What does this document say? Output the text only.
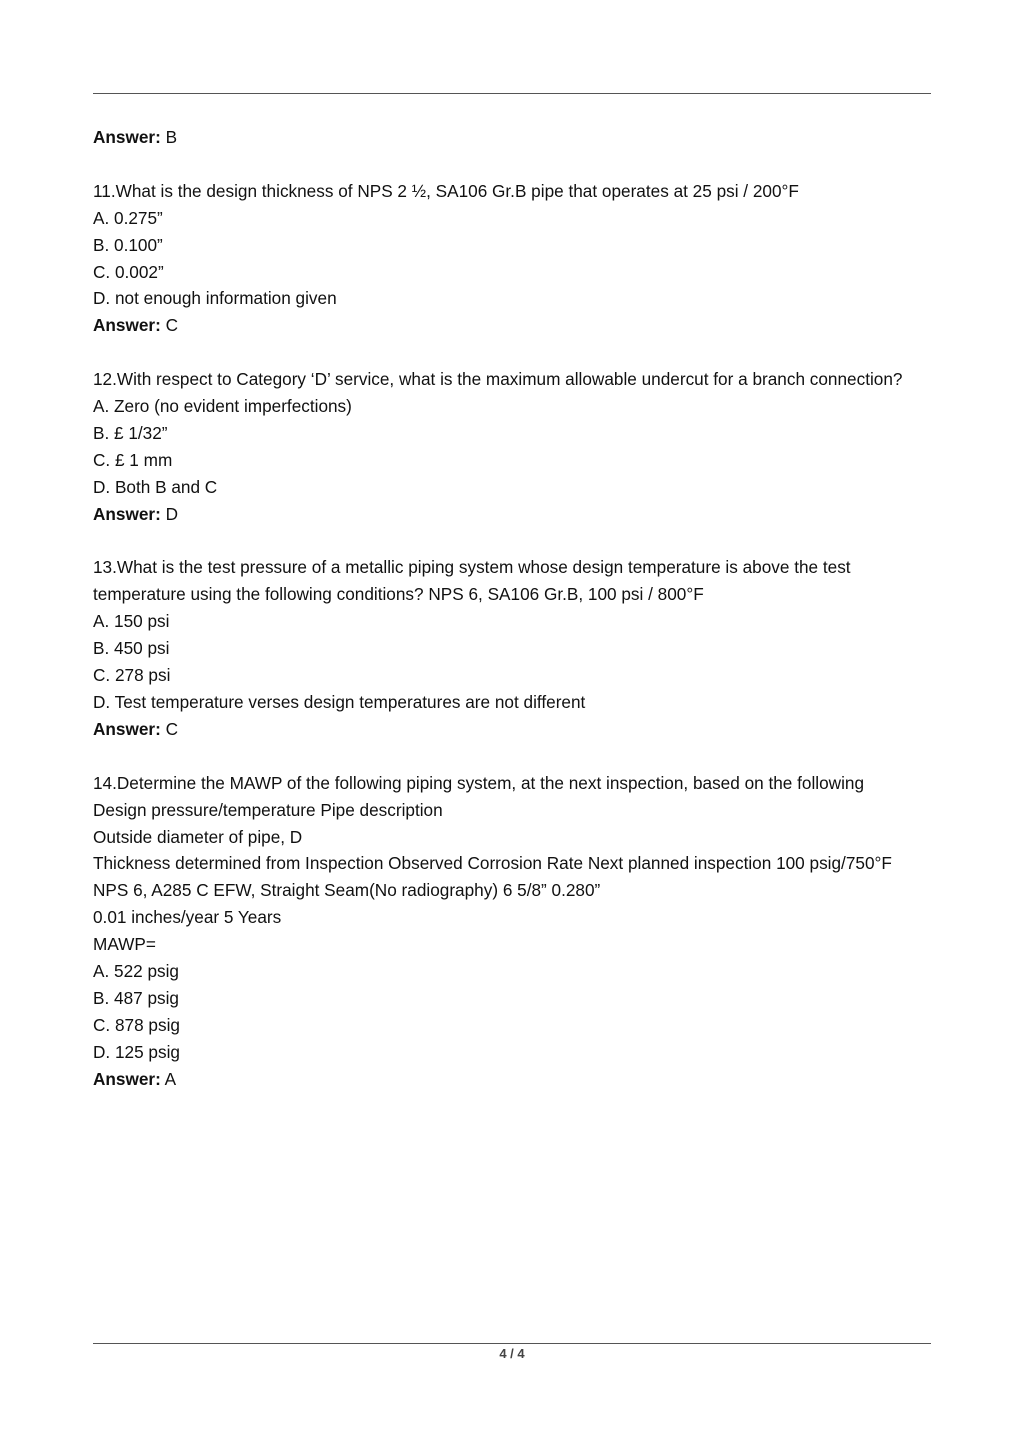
Answer: B

11.What is the design thickness of NPS 2 ½, SA106 Gr.B pipe that operates at 25 psi / 200°F

A. 0.275”

B. 0.100”

C. 0.002”

D. not enough information given

Answer: C

12.With respect to Category ‘D’ service, what is the maximum allowable undercut for a branch connection?

A. Zero (no evident imperfections)

B. £ 1/32”

C. £ 1 mm

D. Both B and C

Answer: D

13.What is the test pressure of a metallic piping system whose design temperature is above the test temperature using the following conditions? NPS 6, SA106 Gr.B, 100 psi / 800°F

A. 150 psi

B. 450 psi

C. 278 psi

D. Test temperature verses design temperatures are not different

Answer: C

14.Determine the MAWP of the following piping system, at the next inspection, based on the following

Design pressure/temperature Pipe description

Outside diameter of pipe, D

Thickness determined from Inspection Observed Corrosion Rate Next planned inspection 100 psig/750°F

NPS 6, A285 C EFW, Straight Seam(No radiography) 6 5/8” 0.280”

0.01 inches/year 5 Years

MAWP=

A. 522 psig

B. 487 psig

C. 878 psig

D. 125 psig

Answer: A

4 / 4
